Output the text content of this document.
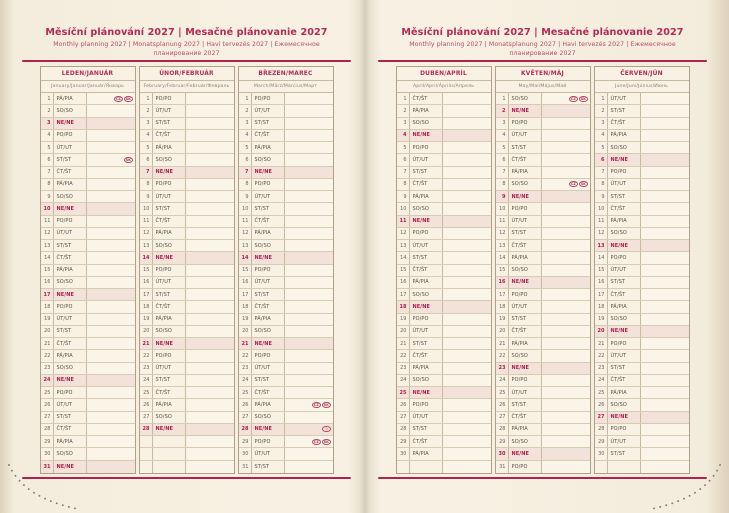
Měsíční plánování 2027 | Mesačné plánovanie 2027
Monthly planning 2027 | Monatsplanung 2027 | Havi tervezés 2027 | Ежемесячное планирование 2027
LEDEN/JANUÁR
January/Januar/Január/Январь
1	PÁ/PIA	CZ	SK
2	SO/SO
3	NE/NE
4	PO/PO
5	ÚT/UT
6	ST/ST	SK
7	ČT/ŠT
8	PÁ/PIA
9	SO/SO
10	NE/NE
11	PO/PO
12	ÚT/UT
13	ST/ST
14	ČT/ŠT
15	PÁ/PIA
16	SO/SO
17	NE/NE
18	PO/PO
19	ÚT/UT
20	ST/ST
21	ČT/ŠT
22	PÁ/PIA
23	SO/SO
24	NE/NE
25	PO/PO
26	ÚT/UT
27	ST/ST
28	ČT/ŠT
29	PÁ/PIA
30	SO/SO
31	NE/NE
ÚNOR/FEBRUÁR
February/Februar/Február/Февраль
1	PO/PO
2	ÚT/UT
3	ST/ST
4	ČT/ŠT
5	PÁ/PIA
6	SO/SO
7	NE/NE
8	PO/PO
9	ÚT/UT
10	ST/ST
11	ČT/ŠT
12	PÁ/PIA
13	SO/SO
14	NE/NE
15	PO/PO
16	ÚT/UT
17	ST/ST
18	ČT/ŠT
19	PÁ/PIA
20	SO/SO
21	NE/NE
22	PO/PO
23	ÚT/UT
24	ST/ST
25	ČT/ŠT
26	PÁ/PIA
27	SO/SO
28	NE/NE
BŘEZEN/MAREC
March/März/Március/Март
1	PO/PO
2	ÚT/UT
3	ST/ST
4	ČT/ŠT
5	PÁ/PIA
6	SO/SO
7	NE/NE
8	PO/PO
9	ÚT/UT
10	ST/ST
11	ČT/ŠT
12	PÁ/PIA
13	SO/SO
14	NE/NE
15	PO/PO
16	ÚT/UT
17	ST/ST
18	ČT/ŠT
19	PÁ/PIA
20	SO/SO
21	NE/NE
22	PO/PO
23	ÚT/UT
24	ST/ST
25	ČT/ŠT
26	PÁ/PIA	CZ	SK
27	SO/SO
28	NE/NE	◷
29	PO/PO	CZ	SK
30	ÚT/UT
31	ST/ST
Měsíční plánování 2027 | Mesačné plánovanie 2027
Monthly planning 2027 | Monatsplanung 2027 | Havi tervezés 2027 | Ежемесячное планирование 2027
DUBEN/APRÍL
April/April/Április/Апрель
1	ČT/ŠT
2	PÁ/PIA
3	SO/SO
4	NE/NE
5	PO/PO
6	ÚT/UT
7	ST/ST
8	ČT/ŠT
9	PÁ/PIA
10	SO/SO
11	NE/NE
12	PO/PO
13	ÚT/UT
14	ST/ST
15	ČT/ŠT
16	PÁ/PIA
17	SO/SO
18	NE/NE
19	PO/PO
20	ÚT/UT
21	ST/ST
22	ČT/ŠT
23	PÁ/PIA
24	SO/SO
25	NE/NE
26	PO/PO
27	ÚT/UT
28	ST/ST
29	ČT/ŠT
30	PÁ/PIA
KVĚTEN/MÁJ
May/Mai/Május/Май
1	SO/SO	CZ	SK
2	NE/NE
3	PO/PO
4	ÚT/UT
5	ST/ST
6	ČT/ŠT
7	PÁ/PIA
8	SO/SO	CZ	SK
9	NE/NE
10	PO/PO
11	ÚT/UT
12	ST/ST
13	ČT/ŠT
14	PÁ/PIA
15	SO/SO
16	NE/NE
17	PO/PO
18	ÚT/UT
19	ST/ST
20	ČT/ŠT
21	PÁ/PIA
22	SO/SO
23	NE/NE
24	PO/PO
25	ÚT/UT
26	ST/ST
27	ČT/ŠT
28	PÁ/PIA
29	SO/SO
30	NE/NE
31	PO/PO
ČERVEN/JÚN
June/Juni/Június/Июнь
1	ÚT/UT
2	ST/ST
3	ČT/ŠT
4	PÁ/PIA
5	SO/SO
6	NE/NE
7	PO/PO
8	ÚT/UT
9	ST/ST
10	ČT/ŠT
11	PÁ/PIA
12	SO/SO
13	NE/NE
14	PO/PO
15	ÚT/UT
16	ST/ST
17	ČT/ŠT
18	PÁ/PIA
19	SO/SO
20	NE/NE
21	PO/PO
22	ÚT/UT
23	ST/ST
24	ČT/ŠT
25	PÁ/PIA
26	SO/SO
27	NE/NE
28	PO/PO
29	ÚT/UT
30	ST/ST
